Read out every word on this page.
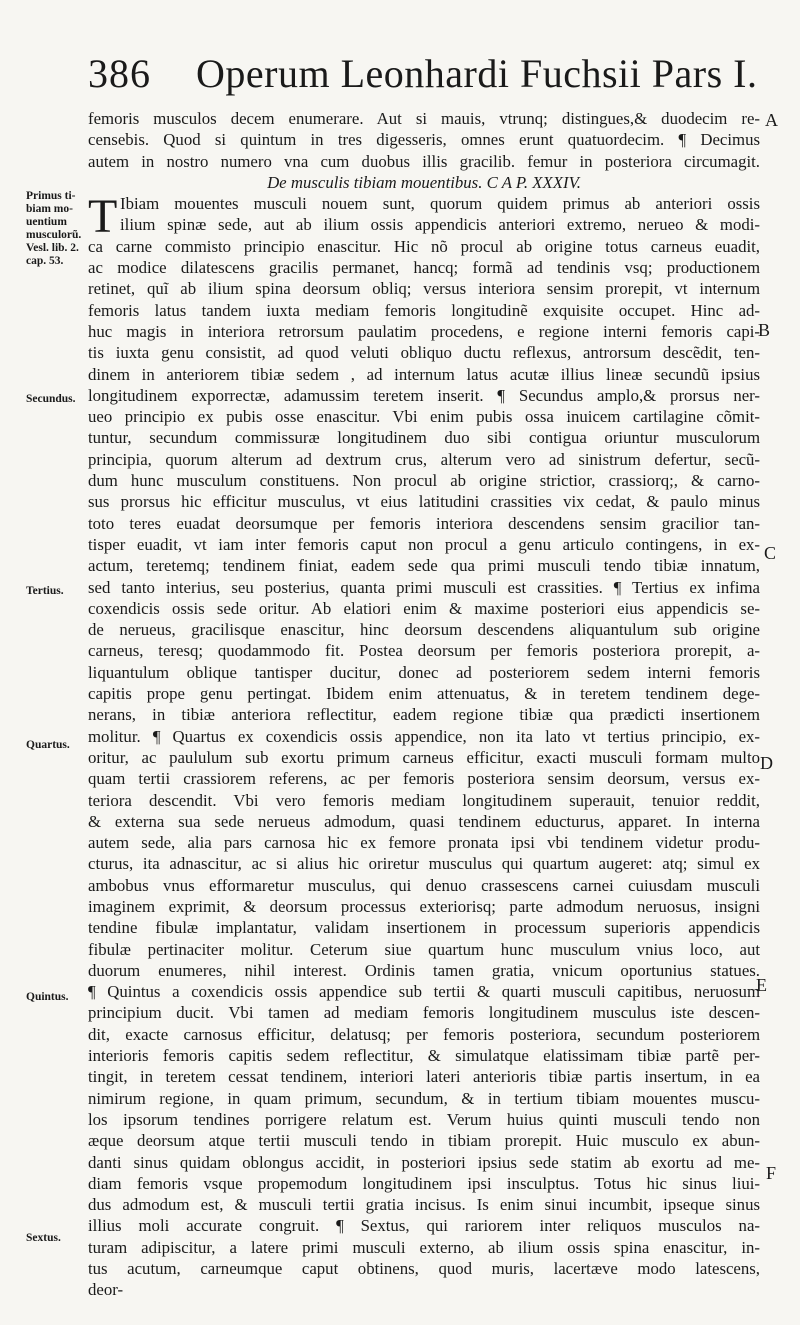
386 Operum Leonhardi Fuchsii Pars I.
Primus ti-
biam mo-
uentium
musculorũ.
Vesl. lib. 2.
cap. 53.
Secundus.
Tertius.
Quartus.
Quintus.
Sextus.
A
B
C
D
E
F
femoris musculos decem enumerare. Aut si mauis, vtrunq; distingues,& duodecim re-
censebis. Quod si quintum in tres digesseris, omnes erunt quatuordecim. ¶ Decimus
autem in nostro numero vna cum duobus illis gracilib. femur in posteriora circumagit.
De musculis tibiam mouentibus. C A P. XXXIV.
T Ibiam mouentes musculi nouem sunt, quorum quidem primus ab anteriori ossis
ilium spinæ sede, aut ab ilium ossis appendicis anteriori extremo, nerueo & modi-
ca carne commisto principio enascitur. Hic nõ procul ab origine totus carneus euadit,
ac modice dilatescens gracilis permanet, hancq; formã ad tendinis vsq; productionem
retinet, quĩ ab ilium spina deorsum obliq; versus interiora sensim prorepit, vt internum
femoris latus tandem iuxta mediam femoris longitudinẽ exquisite occupet. Hinc ad-
huc magis in interiora retrorsum paulatim procedens, e regione interni femoris capi-
tis iuxta genu consistit, ad quod veluti obliquo ductu reflexus, antrorsum descẽdit, ten-
dinem in anteriorem tibiæ sedem , ad internum latus acutæ illius lineæ secundũ ipsius
longitudinem exporrectæ, adamussim teretem inserit. ¶ Secundus amplo,& prorsus ner-
ueo principio ex pubis osse enascitur. Vbi enim pubis ossa inuicem cartilagine cõmit-
tuntur, secundum commissuræ longitudinem duo sibi contigua oriuntur musculorum
principia, quorum alterum ad dextrum crus, alterum vero ad sinistrum defertur, secũ-
dum hunc musculum constituens. Non procul ab origine strictior, crassiorq;, & carno-
sus prorsus hic efficitur musculus, vt eius latitudini crassities vix cedat, & paulo minus
toto teres euadat deorsumque per femoris interiora descendens sensim gracilior tan-
tisper euadit, vt iam inter femoris caput non procul a genu articulo contingens, in ex-
actum, teretemq; tendinem finiat, eadem sede qua primi musculi tendo tibiæ innatum,
sed tanto interius, seu posterius, quanta primi musculi est crassities. ¶ Tertius ex infima
coxendicis ossis sede oritur. Ab elatiori enim & maxime posteriori eius appendicis se-
de nerueus, gracilisque enascitur, hinc deorsum descendens aliquantulum sub origine
carneus, teresq; quodammodo fit. Postea deorsum per femoris posteriora prorepit, a-
liquantulum oblique tantisper ducitur, donec ad posteriorem sedem interni femoris
capitis prope genu pertingat. Ibidem enim attenuatus, & in teretem tendinem dege-
nerans, in tibiæ anteriora reflectitur, eadem regione tibiæ qua prædicti insertionem
molitur. ¶ Quartus ex coxendicis ossis appendice, non ita lato vt tertius principio, ex-
oritur, ac paululum sub exortu primum carneus efficitur, exacti musculi formam multo
quam tertii crassiorem referens, ac per femoris posteriora sensim deorsum, versus ex-
teriora descendit. Vbi vero femoris mediam longitudinem superauit, tenuior reddit,
& externa sua sede nerueus admodum, quasi tendinem educturus, apparet. In interna
autem sede, alia pars carnosa hic ex femore pronata ipsi vbi tendinem videtur produ-
cturus, ita adnascitur, ac si alius hic oriretur musculus qui quartum augeret: atq; simul ex
ambobus vnus efformaretur musculus, qui denuo crassescens carnei cuiusdam musculi
imaginem exprimit, & deorsum processus exteriorisq; parte admodum neruosus, insigni
tendine fibulæ implantatur, validam insertionem in processum superioris appendicis
fibulæ pertinaciter molitur. Ceterum siue quartum hunc musculum vnius loco, aut
duorum enumeres, nihil interest. Ordinis tamen gratia, vnicum oportunius statues.
¶ Quintus a coxendicis ossis appendice sub tertii & quarti musculi capitibus, neruosum
principium ducit. Vbi tamen ad mediam femoris longitudinem musculus iste descen-
dit, exacte carnosus efficitur, delatusq; per femoris posteriora, secundum posteriorem
interioris femoris capitis sedem reflectitur, & simulatque elatissimam tibiæ partẽ per-
tingit, in teretem cessat tendinem, interiori lateri anterioris tibiæ partis insertum, in ea
nimirum regione, in quam primum, secundum, & in tertium tibiam mouentes muscu-
los ipsorum tendines porrigere relatum est. Verum huius quinti musculi tendo non
æque deorsum atque tertii musculi tendo in tibiam prorepit. Huic musculo ex abun-
danti sinus quidam oblongus accidit, in posteriori ipsius sede statim ab exortu ad me-
diam femoris vsque propemodum longitudinem ipsi insculptus. Totus hic sinus liui-
dus admodum est, & musculi tertii gratia incisus. Is enim sinui incumbit, ipseque sinus
illius moli accurate congruit. ¶ Sextus, qui rariorem inter reliquos musculos na-
turam adipiscitur, a latere primi musculi externo, ab ilium ossis spina enascitur, in-
tus acutum, carneumque caput obtinens, quod muris, lacertæve modo latescens,
deor-
